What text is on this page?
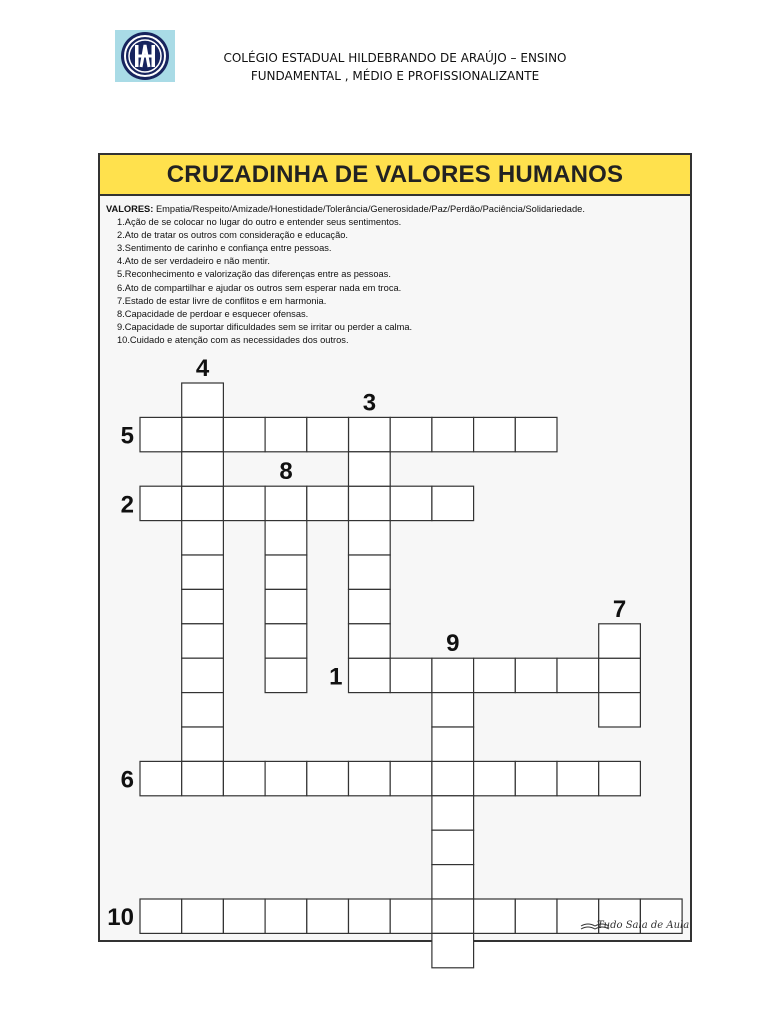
COLÉGIO ESTADUAL HILDEBRANDO DE ARAÚJO – ENSINO
FUNDAMENTAL , MÉDIO E PROFISSIONALIZANTE
CRUZADINHA DE VALORES HUMANOS
VALORES: Empatia/Respeito/Amizade/Honestidade/Tolerância/Generosidade/Paz/Perdão/Paciência/Solidariedade.
1.Ação de se colocar no lugar do outro e entender seus sentimentos.
2.Ato de tratar os outros com consideração e educação.
3.Sentimento de carinho e confiança entre pessoas.
4.Ato de ser verdadeiro e não mentir.
5.Reconhecimento e valorização das diferenças entre as pessoas.
6.Ato de compartilhar e ajudar os outros sem esperar nada em troca.
7.Estado de estar livre de conflitos e em harmonia.
8.Capacidade de perdoar e esquecer ofensas.
9.Capacidade de suportar dificuldades sem se irritar ou perder a calma.
10.Cuidado e atenção com as necessidades dos outros.
1
2
3
4
5
6
7
8
9
10	Tudo Sala de Aula
